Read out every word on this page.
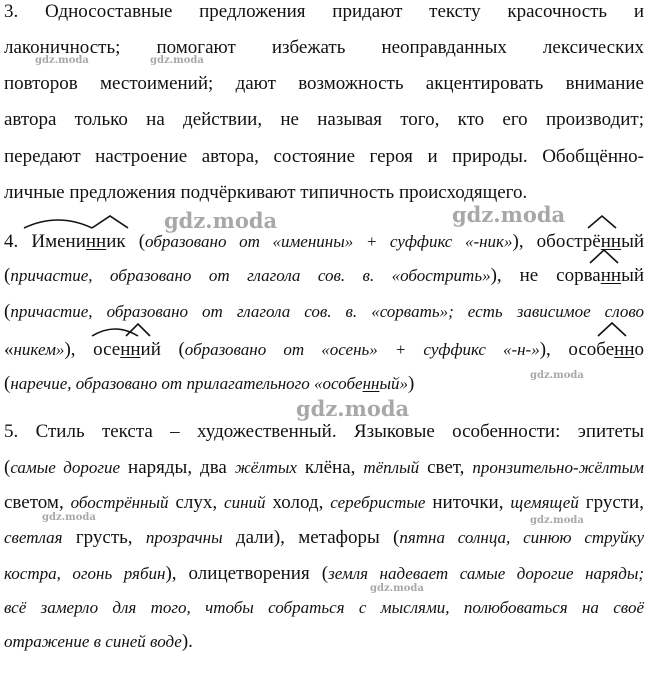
3. Односоставные предложения придают тексту красочность и
лаконичность; помогают избежать неоправданных лексических
повторов местоимений; дают возможность акцентировать внимание
автора только на действии, не называя того, кто его производит;
передают настроение автора, состояние героя и природы. Обобщённо-
личные предложения подчёркивают типичность происходящего.
4. Именинник (образовано от «именины» + суффикс «-ник»), обострённый
(причастие, образовано от глагола сов. в. «обострить»), не сорванный
(причастие, образовано от глагола сов. в. «сорвать»; есть зависимое слово
«никем»), осенний (образовано от «осень» + суффикс «-н-»), особенно
(наречие, образовано от прилагательного «особенный»)
5. Стиль текста – художественный. Языковые особенности: эпитеты
(самые дорогие наряды, два жёлтых клёна, тёплый свет, пронзительно-жёлтым
светом, обострённый слух, синий холод, серебристые ниточки, щемящей грусти,
светлая грусть, прозрачны дали), метафоры (пятна солнца, синюю струйку
костра, огонь рябин), олицетворения (земля надевает самые дорогие наряды;
всё замерло для того, чтобы собраться с мыслями, полюбоваться на своё
отражение в синей воде).
gdz.moda	gdz.moda
gdz.moda	gdz.moda
gdz.moda
gdz.moda
gdz.moda	gdz.moda
gdz.moda
